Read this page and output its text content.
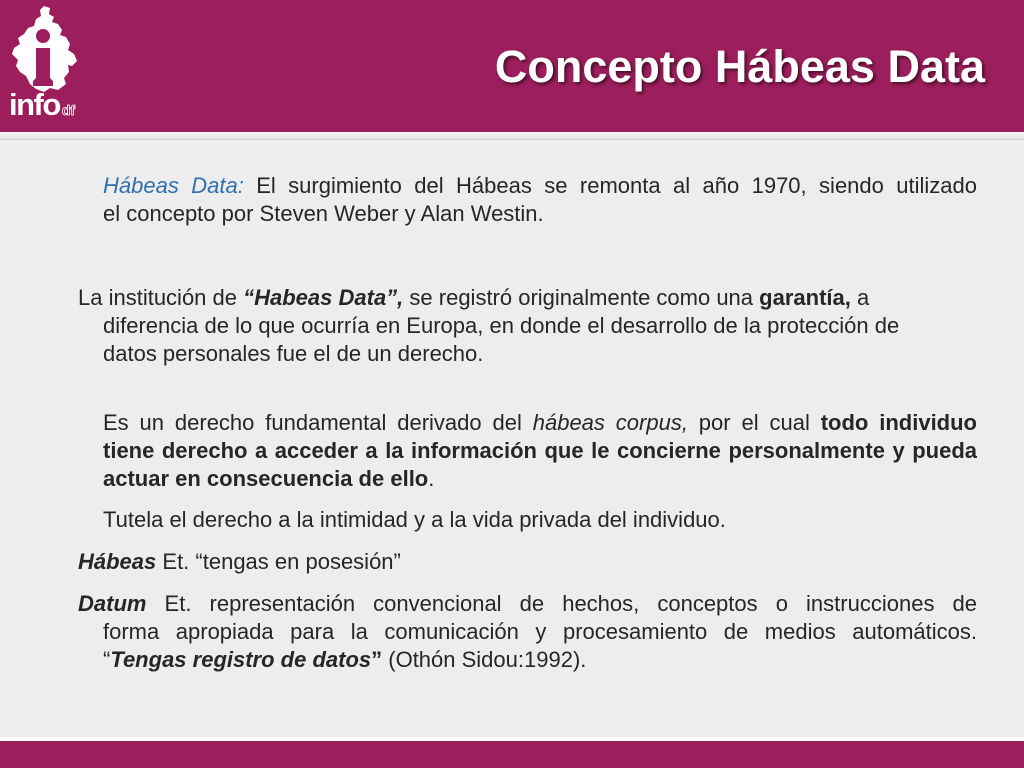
info df
Concepto Hábeas Data
Hábeas Data: El surgimiento del Hábeas se remonta al año 1970, siendo utilizado
el concepto por Steven Weber y Alan Westin.
La institución de “Habeas Data”, se registró originalmente como una garantía, a
diferencia de lo que ocurría en Europa, en donde el desarrollo de la protección de
datos personales fue el de un derecho.
Es un derecho fundamental derivado del hábeas corpus, por el cual todo individuo
tiene derecho a acceder a la información que le concierne personalmente y pueda
actuar en consecuencia de ello.
Tutela el derecho a la intimidad y a la vida privada del individuo.
Hábeas Et. “tengas en posesión”
Datum Et. representación convencional de hechos, conceptos o instrucciones de
forma apropiada para la comunicación y procesamiento de medios automáticos.
“Tengas registro de datos” (Othón Sidou:1992).
